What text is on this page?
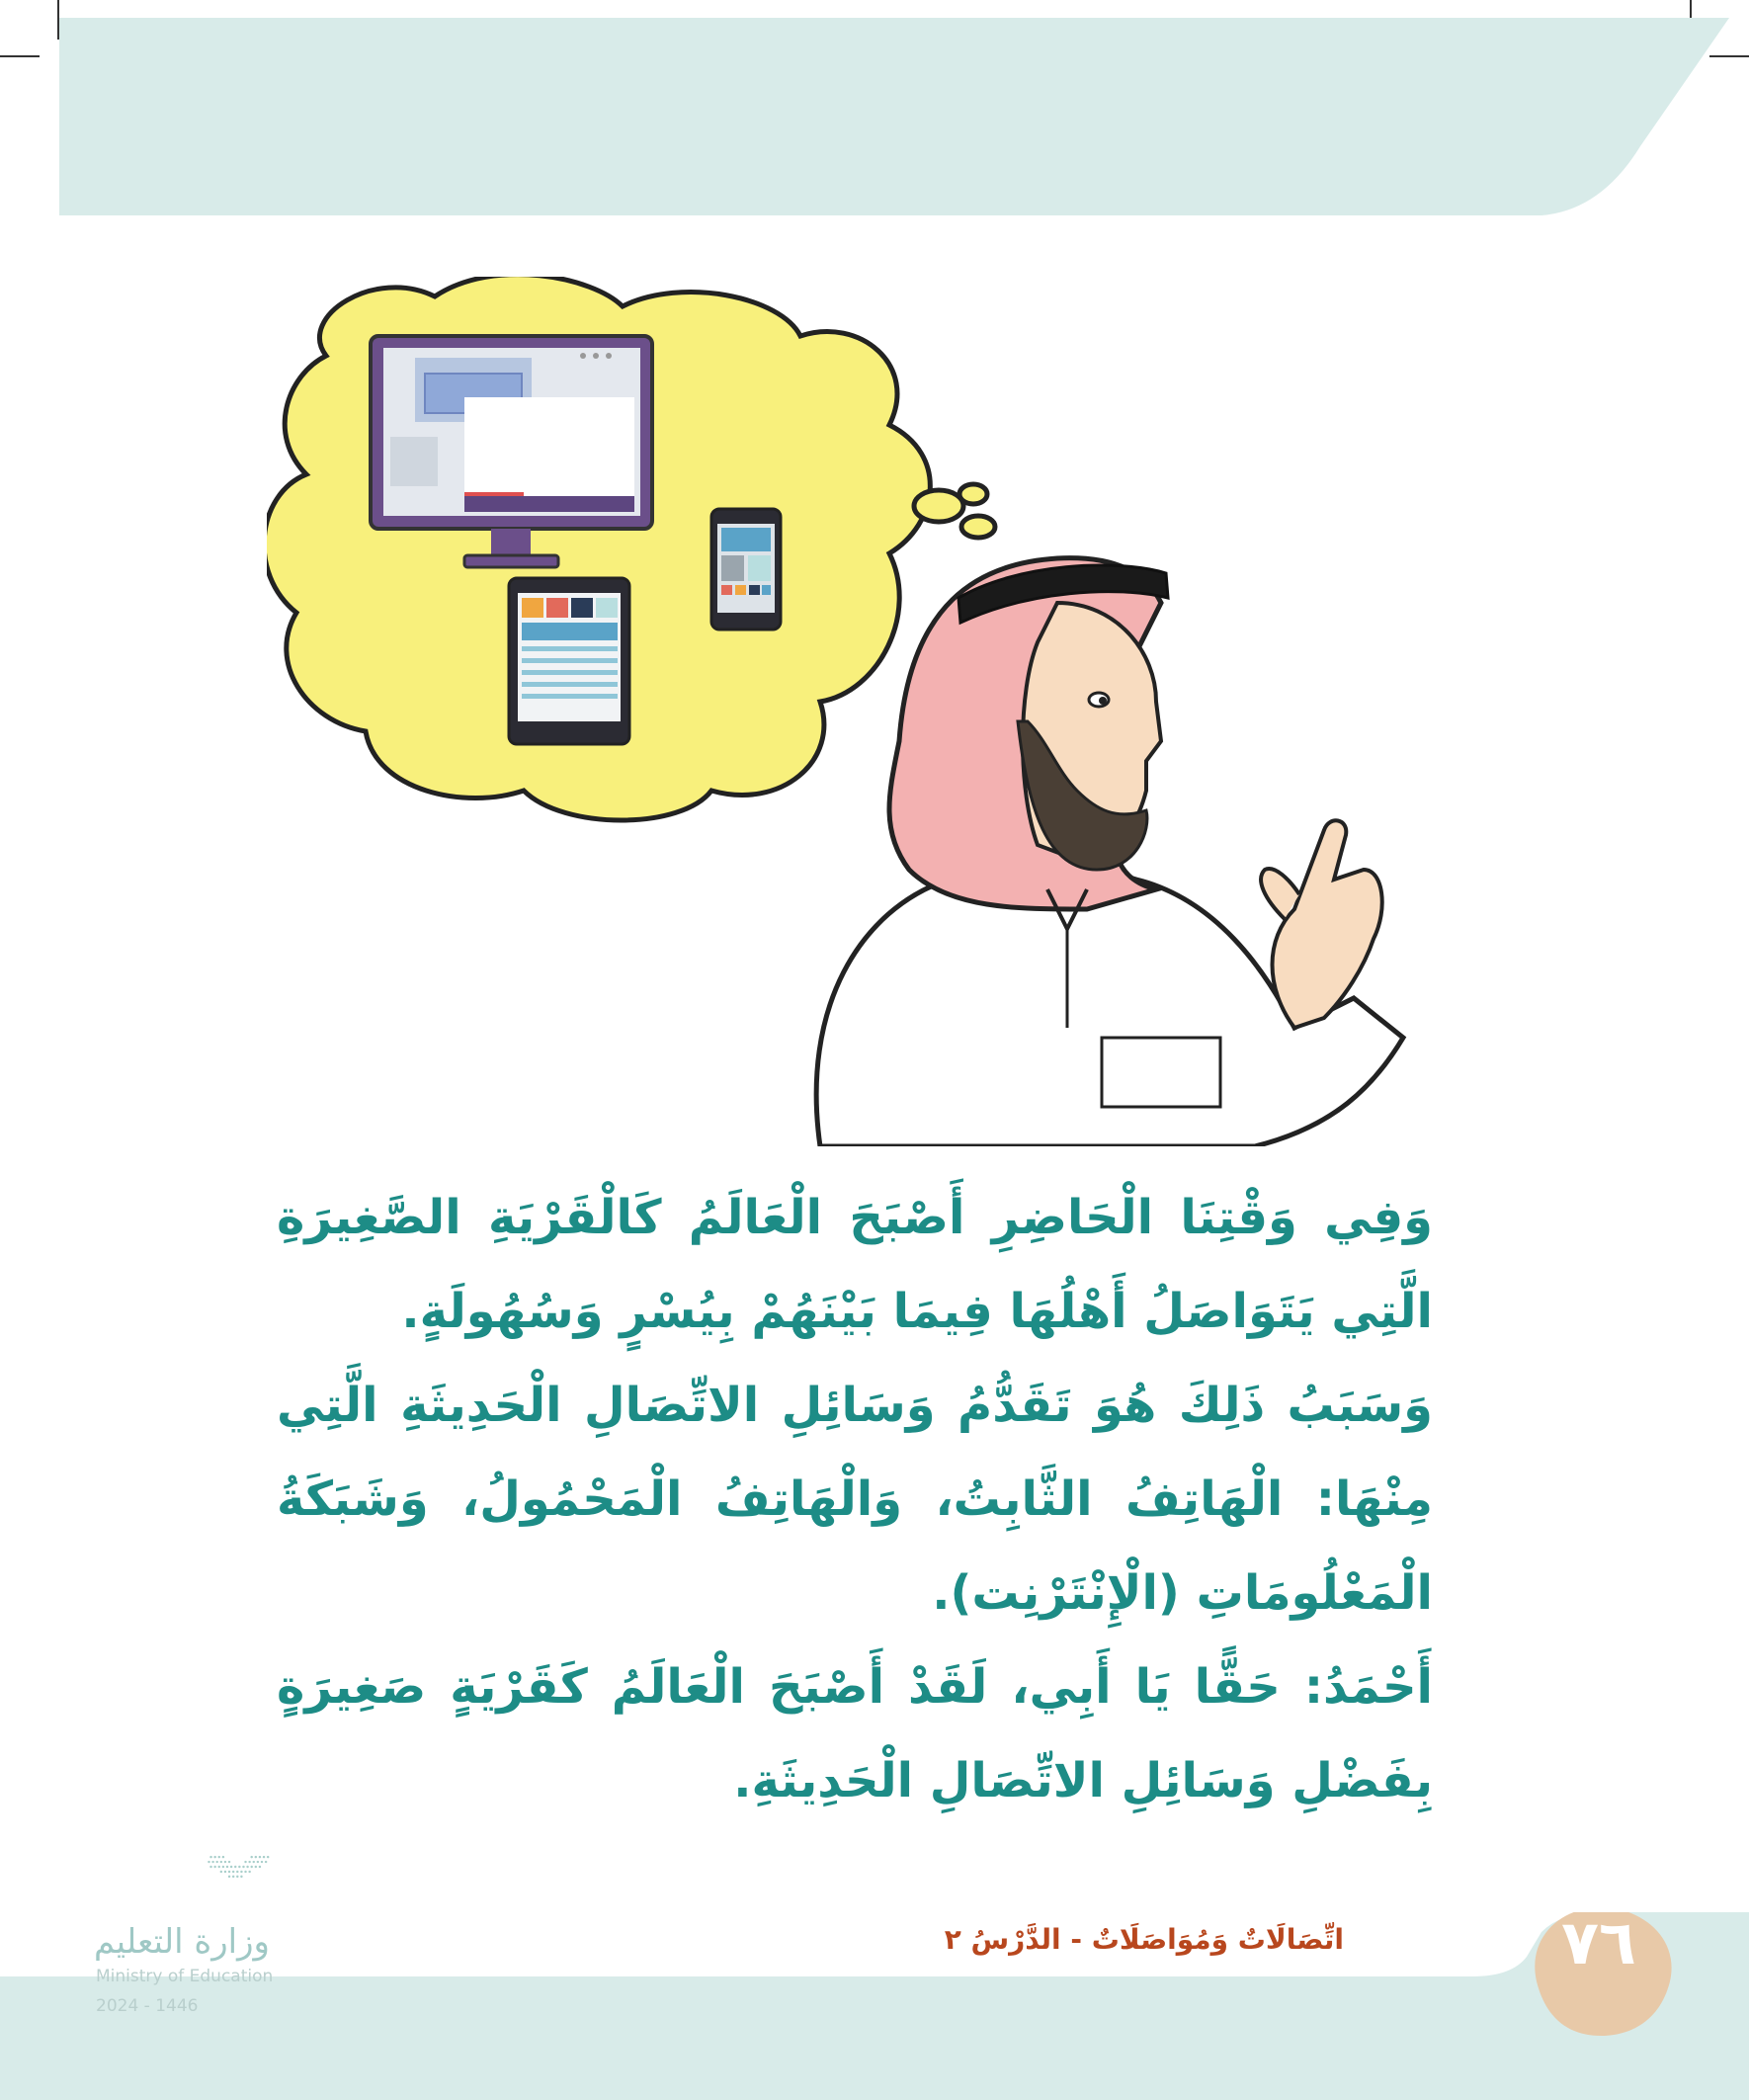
وَفِي وَقْتِنَا الْحَاضِرِ أَصْبَحَ الْعَالَمُ كَالْقَرْيَةِ الصَّغِيرَةِ الَّتِي يَتَوَاصَلُ أَهْلُهَا فِيمَا بَيْنَهُمْ بِيُسْرٍ وَسُهُولَةٍ.

وَسَبَبُ ذَلِكَ هُوَ تَقَدُّمُ وَسَائِلِ الاتِّصَالِ الْحَدِيثَةِ الَّتِي مِنْهَا: الْهَاتِفُ الثَّابِتُ، وَالْهَاتِفُ الْمَحْمُولُ، وَشَبَكَةُ الْمَعْلُومَاتِ (الْإِنْتَرْنِت).

أَحْمَدُ: حَقًّا يَا أَبِي، لَقَدْ أَصْبَحَ الْعَالَمُ كَقَرْيَةٍ صَغِيرَةٍ بِفَضْلِ وَسَائِلِ الاتِّصَالِ الْحَدِيثَةِ.

اتِّصَالَاتٌ وَمُوَاصَلَاتٌ - الدَّرْسُ ٢	٧٦
وزارة التعليم
Ministry of Education
2024 - 1446
